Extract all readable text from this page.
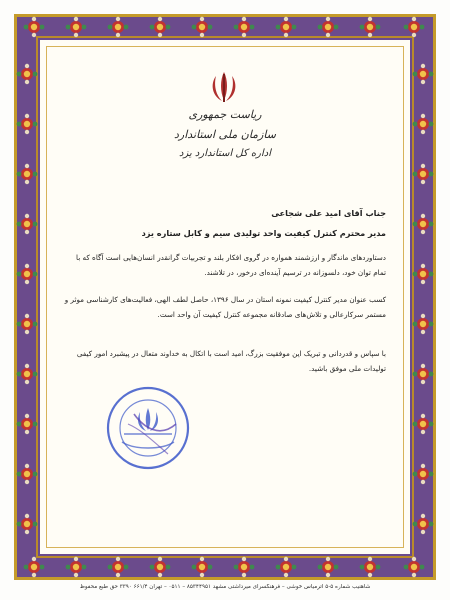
ریاست جمهوری
سازمان ملی استاندارد
اداره کل استاندارد یزد
جناب آقای امید علی شجاعی
مدیر محترم کنترل کیفیت واحد تولیدی سیم و کابل ستاره یزد
دستاوردهای ماندگار و ارزشمند همواره در گروی افکار بلند و تجربیات گرانقدر انسان‌هایی است آگاه که با تمام توان خود، دلسوزانه در ترسیم آینده‌ای درخور، در تلاشند.
کسب عنوان مدیر کنترل کیفیت نمونه استان در سال ۱۳۹۶، حاصل لطف الهی، فعالیت‌های کارشناسی موثر و مستمر سرکارعالی و تلاش‌های صادقانه مجموعه کنترل کیفیت آن واحد است.
با سپاس و قدردانی و تبریک این موفقیت بزرگ، امید است با اتکال به خداوند متعال در پیشبرد امور کیفی تولیدات ملی موفق باشید.
شاهنیب شماره ۵-۵ اترمیاس خوشی – فرهنگسرای میرداشتی مشهد ۸۵۳۴۴۹۵۱ – ۰۵۱۱ – تهران ۶۶۱/۴ ۳۳۹۰ حق طبع محفوظ
